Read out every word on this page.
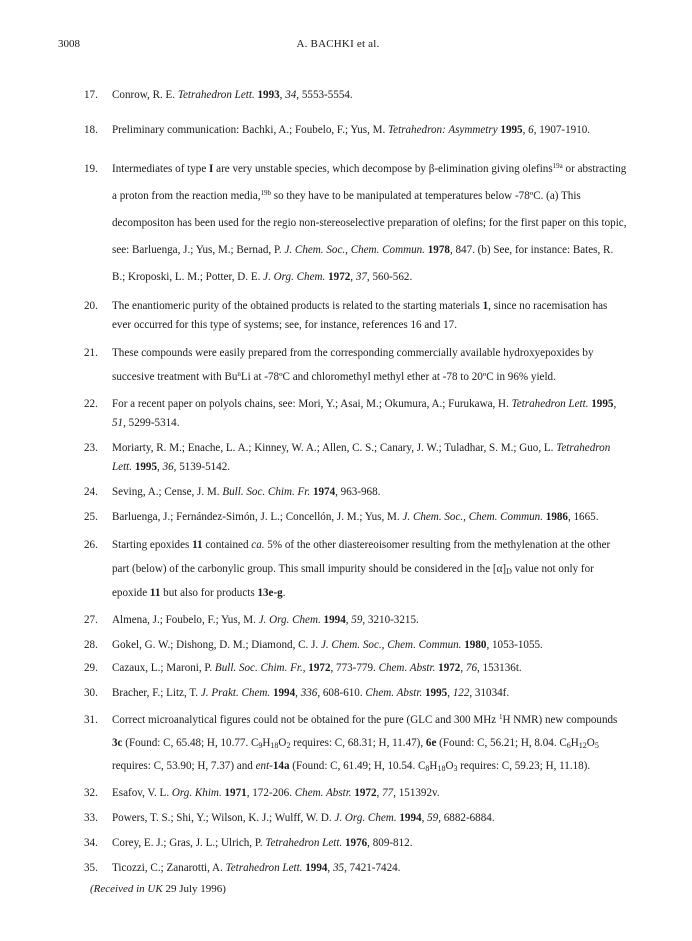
3008	A. BACHKI et al.
17. Conrow, R. E. Tetrahedron Lett. 1993, 34, 5553-5554.
18. Preliminary communication: Bachki, A.; Foubelo, F.; Yus, M. Tetrahedron: Asymmetry 1995, 6, 1907-1910.
19. Intermediates of type I are very unstable species, which decompose by β-elimination giving olefins$^{19a}$ or abstracting a proton from the reaction media,$^{19b}$ so they have to be manipulated at temperatures below -78ºC. (a) This decompositon has been used for the regio non-stereoselective preparation of olefins; for the first paper on this topic, see: Barluenga, J.; Yus, M.; Bernad, P. J. Chem. Soc., Chem. Commun. 1978, 847. (b) See, for instance: Bates, R. B.; Kroposki, L. M.; Potter, D. E. J. Org. Chem. 1972, 37, 560-562.
20. The enantiomeric purity of the obtained products is related to the starting materials 1, since no racemisation has ever occurred for this type of systems; see, for instance, references 16 and 17.
21. These compounds were easily prepared from the corresponding commercially available hydroxyepoxides by succesive treatment with Bu$^n$Li at -78ºC and chloromethyl methyl ether at -78 to 20ºC in 96% yield.
22. For a recent paper on polyols chains, see: Mori, Y.; Asai, M.; Okumura, A.; Furukawa, H. Tetrahedron Lett. 1995, 51, 5299-5314.
23. Moriarty, R. M.; Enache, L. A.; Kinney, W. A.; Allen, C. S.; Canary, J. W.; Tuladhar, S. M.; Guo, L. Tetrahedron Lett. 1995, 36, 5139-5142.
24. Seving, A.; Cense, J. M. Bull. Soc. Chim. Fr. 1974, 963-968.
25. Barluenga, J.; Fernández-Simón, J. L.; Concellón, J. M.; Yus, M. J. Chem. Soc., Chem. Commun. 1986, 1665.
26. Starting epoxides 11 contained ca. 5% of the other diastereoisomer resulting from the methylenation at the other part (below) of the carbonylic group. This small impurity should be considered in the $[\alpha]_D$ value not only for epoxide 11 but also for products 13e-g.
27. Almena, J.; Foubelo, F.; Yus, M. J. Org. Chem. 1994, 59, 3210-3215.
28. Gokel, G. W.; Dishong, D. M.; Diamond, C. J. J. Chem. Soc., Chem. Commun. 1980, 1053-1055.
29. Cazaux, L.; Maroni, P. Bull. Soc. Chim. Fr., 1972, 773-779. Chem. Abstr. 1972, 76, 153136t.
30. Bracher, F.; Litz, T. J. Prakt. Chem. 1994, 336, 608-610. Chem. Abstr. 1995, 122, 31034f.
31. Correct microanalytical figures could not be obtained for the pure (GLC and 300 MHz $^1$H NMR) new compounds 3c (Found: C, 65.48; H, 10.77. $C_9H_{18}O_2$ requires: C, 68.31; H, 11.47), 6e (Found: C, 56.21; H, 8.04. $C_6H_{12}O_5$ requires: C, 53.90; H, 7.37) and ent-14a (Found: C, 61.49; H, 10.54. $C_8H_{18}O_3$ requires: C, 59.23; H, 11.18).
32. Esafov, V. L. Org. Khim. 1971, 172-206. Chem. Abstr. 1972, 77, 151392v.
33. Powers, T. S.; Shi, Y.; Wilson, K. J.; Wulff, W. D. J. Org. Chem. 1994, 59, 6882-6884.
34. Corey, E. J.; Gras, J. L.; Ulrich, P. Tetrahedron Lett. 1976, 809-812.
35. Ticozzi, C.; Zanarotti, A. Tetrahedron Lett. 1994, 35, 7421-7424.
(Received in UK 29 July 1996)
